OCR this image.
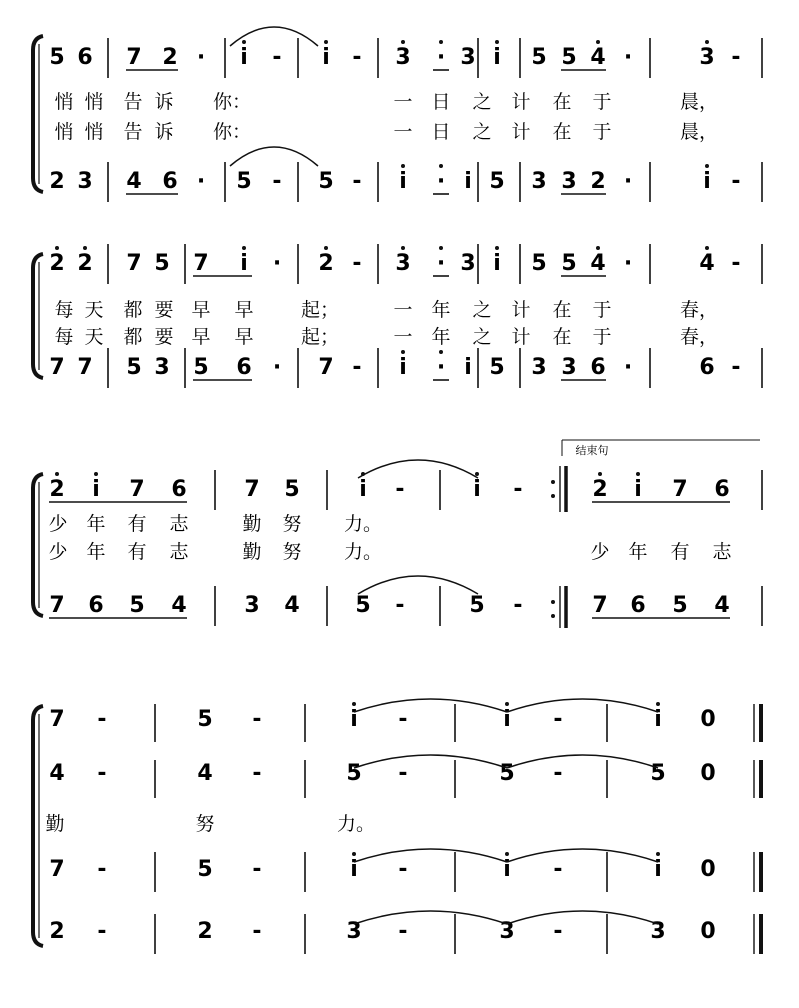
5 6 7 2 · i - i - 3 · 3 i 5 5 4 ·	3 -
悄 悄 告 诉 你：	一 日 之 计 在 于	晨，
悄 悄 告 诉 你：	一 日 之 计 在 于	晨，
2 3 4 6 · 5 - 5 - i · i 5 3 3 2 ·	i -
2 2 7 5 7 i · 2 - 3 · 3 i 5 5 4 ·	4 -
每 天 都 要 早 早 起；	一 年 之 计 在 于	春，
每 天 都 要 早 早 起；	一 年 之 计 在 于	春，
7 7 5 3 5 6 · 7 - i · i 5 3 3 6 ·	6 -
结束句
2 i 7 6	7 5	i -	i -	2 i 7 6
少 年 有 志	勤 努 力。
少 年 有 志	勤 努 力。	少 年 有 志
7 6 5 4	3 4	5 -	5 -	7 6 5 4
7 -	5 -	i -	i -	i 0
4 -	4 -	5 -	5 -	5 0
勤	努	力。
7 -	5 -	i -	i -	i 0
2 -	2 -	3 -	3 -	3 0
